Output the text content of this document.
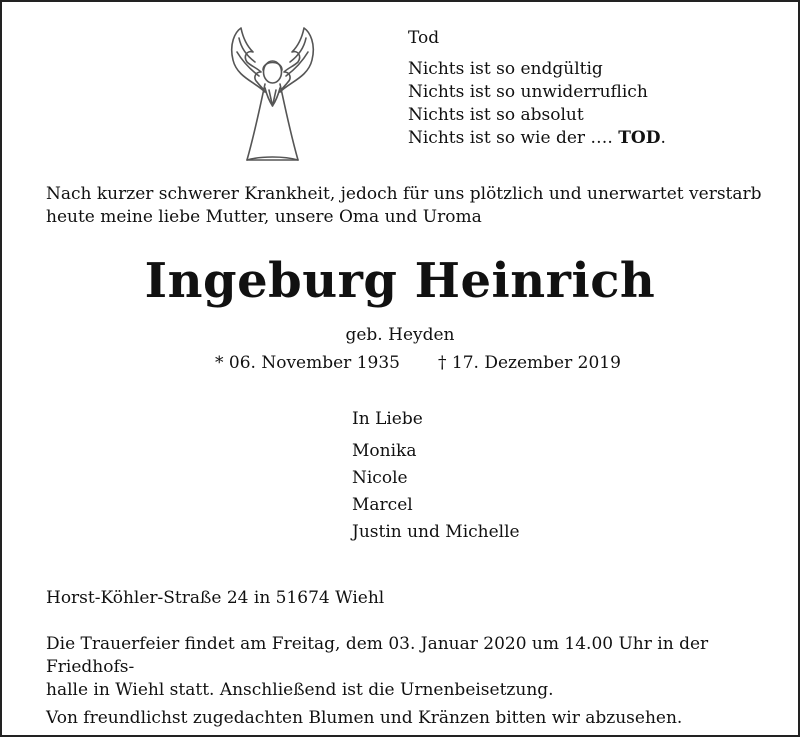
Tod
Nichts ist so endgültig
Nichts ist so unwiderruflich
Nichts ist so absolut
Nichts ist so wie der …. TOD.
Nach kurzer schwerer Krankheit, jedoch für uns plötzlich und unerwartet verstarb
heute meine liebe Mutter, unsere Oma und Uroma
Ingeburg Heinrich
geb. Heyden
* 06. November 1935 † 17. Dezember 2019
In Liebe
Monika
Nicole
Marcel
Justin und Michelle
Horst-Köhler-Straße 24 in 51674 Wiehl

Die Trauerfeier findet am Freitag, dem 03. Januar 2020 um 14.00 Uhr in der Friedhofs-
halle in Wiehl statt. Anschließend ist die Urnenbeisetzung.

Von freundlichst zugedachten Blumen und Kränzen bitten wir abzusehen.
